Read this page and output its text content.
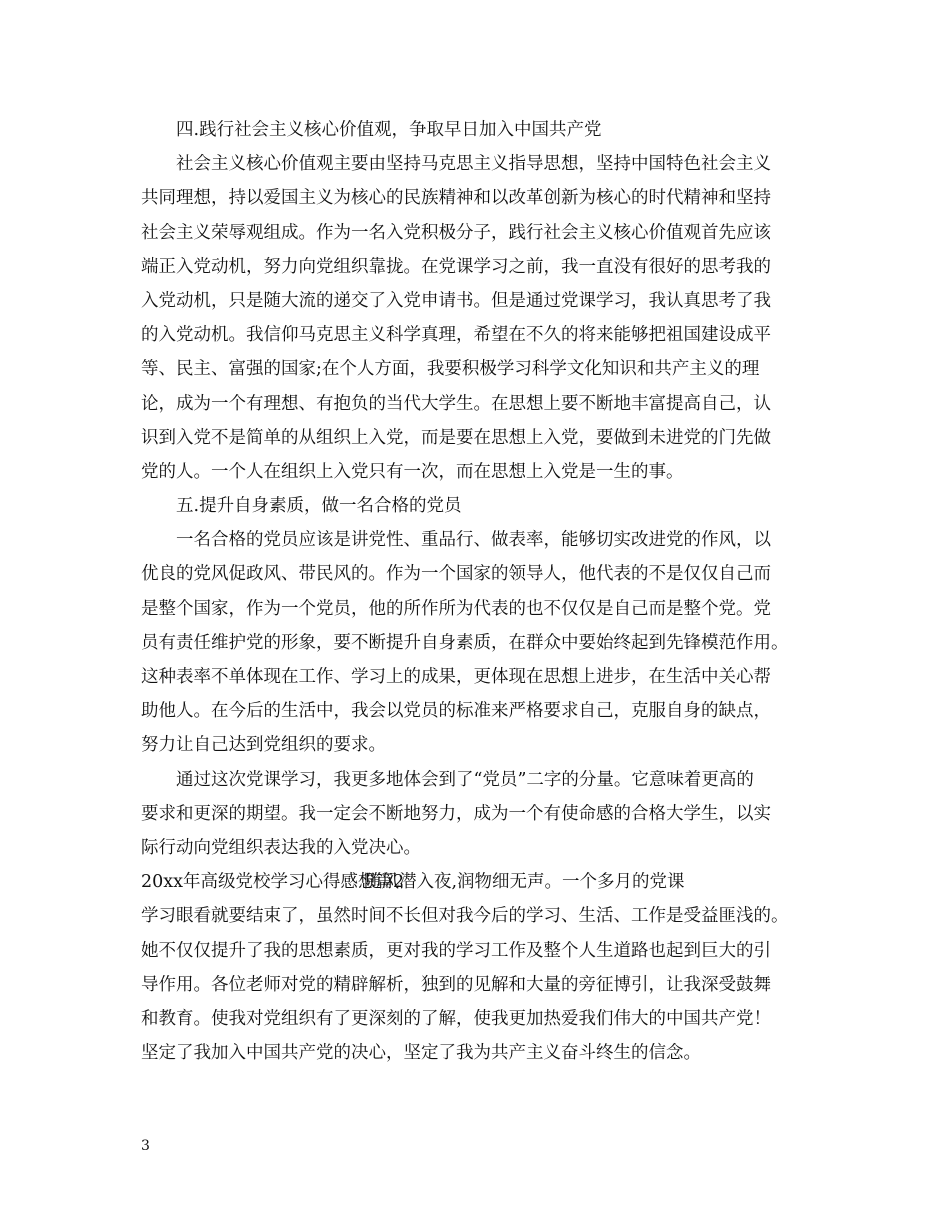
四.践行社会主义核心价值观，争取早日加入中国共产党
社会主义核心价值观主要由坚持马克思主义指导思想，坚持中国特色社会主义
共同理想，持以爱国主义为核心的民族精神和以改革创新为核心的时代精神和坚持
社会主义荣辱观组成。作为一名入党积极分子，践行社会主义核心价值观首先应该
端正入党动机，努力向党组织靠拢。在党课学习之前，我一直没有很好的思考我的
入党动机，只是随大流的递交了入党申请书。但是通过党课学习，我认真思考了我
的入党动机。我信仰马克思主义科学真理，希望在不久的将来能够把祖国建设成平
等、民主、富强的国家;在个人方面，我要积极学习科学文化知识和共产主义的理
论，成为一个有理想、有抱负的当代大学生。在思想上要不断地丰富提高自己，认
识到入党不是简单的从组织上入党，而是要在思想上入党，要做到未进党的门先做
党的人。一个人在组织上入党只有一次，而在思想上入党是一生的事。
五.提升自身素质，做一名合格的党员
一名合格的党员应该是讲党性、重品行、做表率，能够切实改进党的作风，以
优良的党风促政风、带民风的。作为一个国家的领导人，他代表的不是仅仅自己而
是整个国家，作为一个党员，他的所作所为代表的也不仅仅是自己而是整个党。党
员有责任维护党的形象，要不断提升自身素质，在群众中要始终起到先锋模范作用。
这种表率不单体现在工作、学习上的成果，更体现在思想上进步，在生活中关心帮
助他人。在今后的生活中，我会以党员的标准来严格要求自己，克服自身的缺点，
努力让自己达到党组织的要求。
通过这次党课学习，我更多地体会到了“党员”二字的分量。它意味着更高的
要求和更深的期望。我一定会不断地努力，成为一个有使命感的合格大学生，以实
际行动向党组织表达我的入党决心。
20xx年高级党校学习心得感想篇2随风潜入夜,润物细无声。一个多月的党课
学习眼看就要结束了，虽然时间不长但对我今后的学习、生活、工作是受益匪浅的。
她不仅仅提升了我的思想素质，更对我的学习工作及整个人生道路也起到巨大的引
导作用。各位老师对党的精辟解析，独到的见解和大量的旁征博引，让我深受鼓舞
和教育。使我对党组织有了更深刻的了解，使我更加热爱我们伟大的中国共产党！
坚定了我加入中国共产党的决心，坚定了我为共产主义奋斗终生的信念。
3
